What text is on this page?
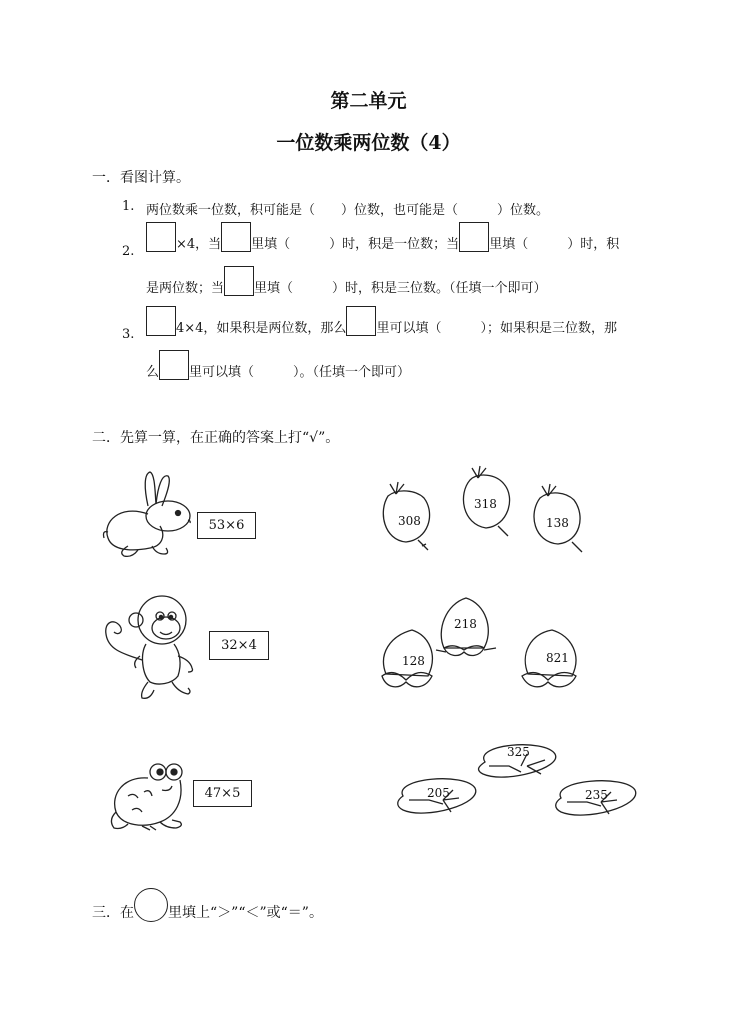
第二单元
一位数乘两位数（4）
一．看图计算。
1. 两位数乘一位数，积可能是（　　）位数，也可能是（　　　）位数。
2.	×4，当 里填（　　　）时，积是一位数；当 里填（　　　）时，积
是两位数；当 里填（　　　）时，积是三位数。（任填一个即可）
3.	4×4，如果积是两位数，那么 里可以填（　　　）；如果积是三位数，那
么 里可以填（　　　）。（任填一个即可）
二．先算一算，在正确的答案上打“√”。
53×6	308
318
138
32×4
218
128	821
47×5
325
205	235
三．在 里填上“＞”“＜”或“＝”。
